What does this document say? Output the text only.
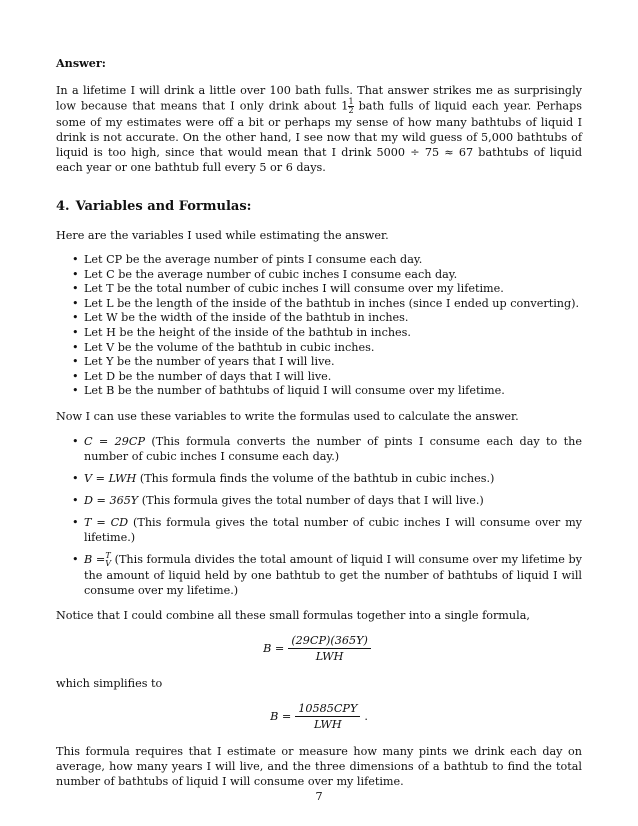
Answer:

In a lifetime I will drink a little over 100 bath fulls. That answer strikes me as surprisingly low because that means that I only drink about $1 \frac{1}{2}$ bath fulls of liquid each year. Perhaps some of my estimates were off a bit or perhaps my sense of how many bathtubs of liquid I drink is not accurate. On the other hand, I see now that my wild guess of 5,000 bathtubs of liquid is too high, since that would mean that I drink 5000 ÷ 75 ≈ 67 bathtubs of liquid each year or one bathtub full every 5 or 6 days.

4. Variables and Formulas:

Here are the variables I used while estimating the answer.

• Let CP be the average number of pints I consume each day.
• Let C be the average number of cubic inches I consume each day.
• Let T be the total number of cubic inches I will consume over my lifetime.
• Let L be the length of the inside of the bathtub in inches (since I ended up converting).
• Let W be the width of the inside of the bathtub in inches.
• Let H be the height of the inside of the bathtub in inches.
• Let V be the volume of the bathtub in cubic inches.
• Let Y be the number of years that I will live.
• Let D be the number of days that I will live.
• Let B be the number of bathtubs of liquid I will consume over my lifetime.

Now I can use these variables to write the formulas used to calculate the answer.

• C = 29CP (This formula converts the number of pints I consume each day to the number of cubic inches I consume each day.)
• V = LWH (This formula finds the volume of the bathtub in cubic inches.)
• D = 365Y (This formula gives the total number of days that I will live.)
• T = CD (This formula gives the total number of cubic inches I will consume over my lifetime.)
• B = T
V (This formula divides the total amount of liquid I will consume over my lifetime by the amount of liquid held by one bathtub to get the number of bathtubs of liquid I will consume over my lifetime.)

Notice that I could combine all these small formulas together into a single formula,

$B = \frac{(29CP)(365Y)}{\text{LWH}}$

which simplifies to

$B = \frac{\text{10585CPY}}{\text{LWH}}$ .

This formula requires that I estimate or measure how many pints we drink each day on average, how many years I will live, and the three dimensions of a bathtub to find the total number of bathtubs of liquid I will consume over my lifetime.

7
